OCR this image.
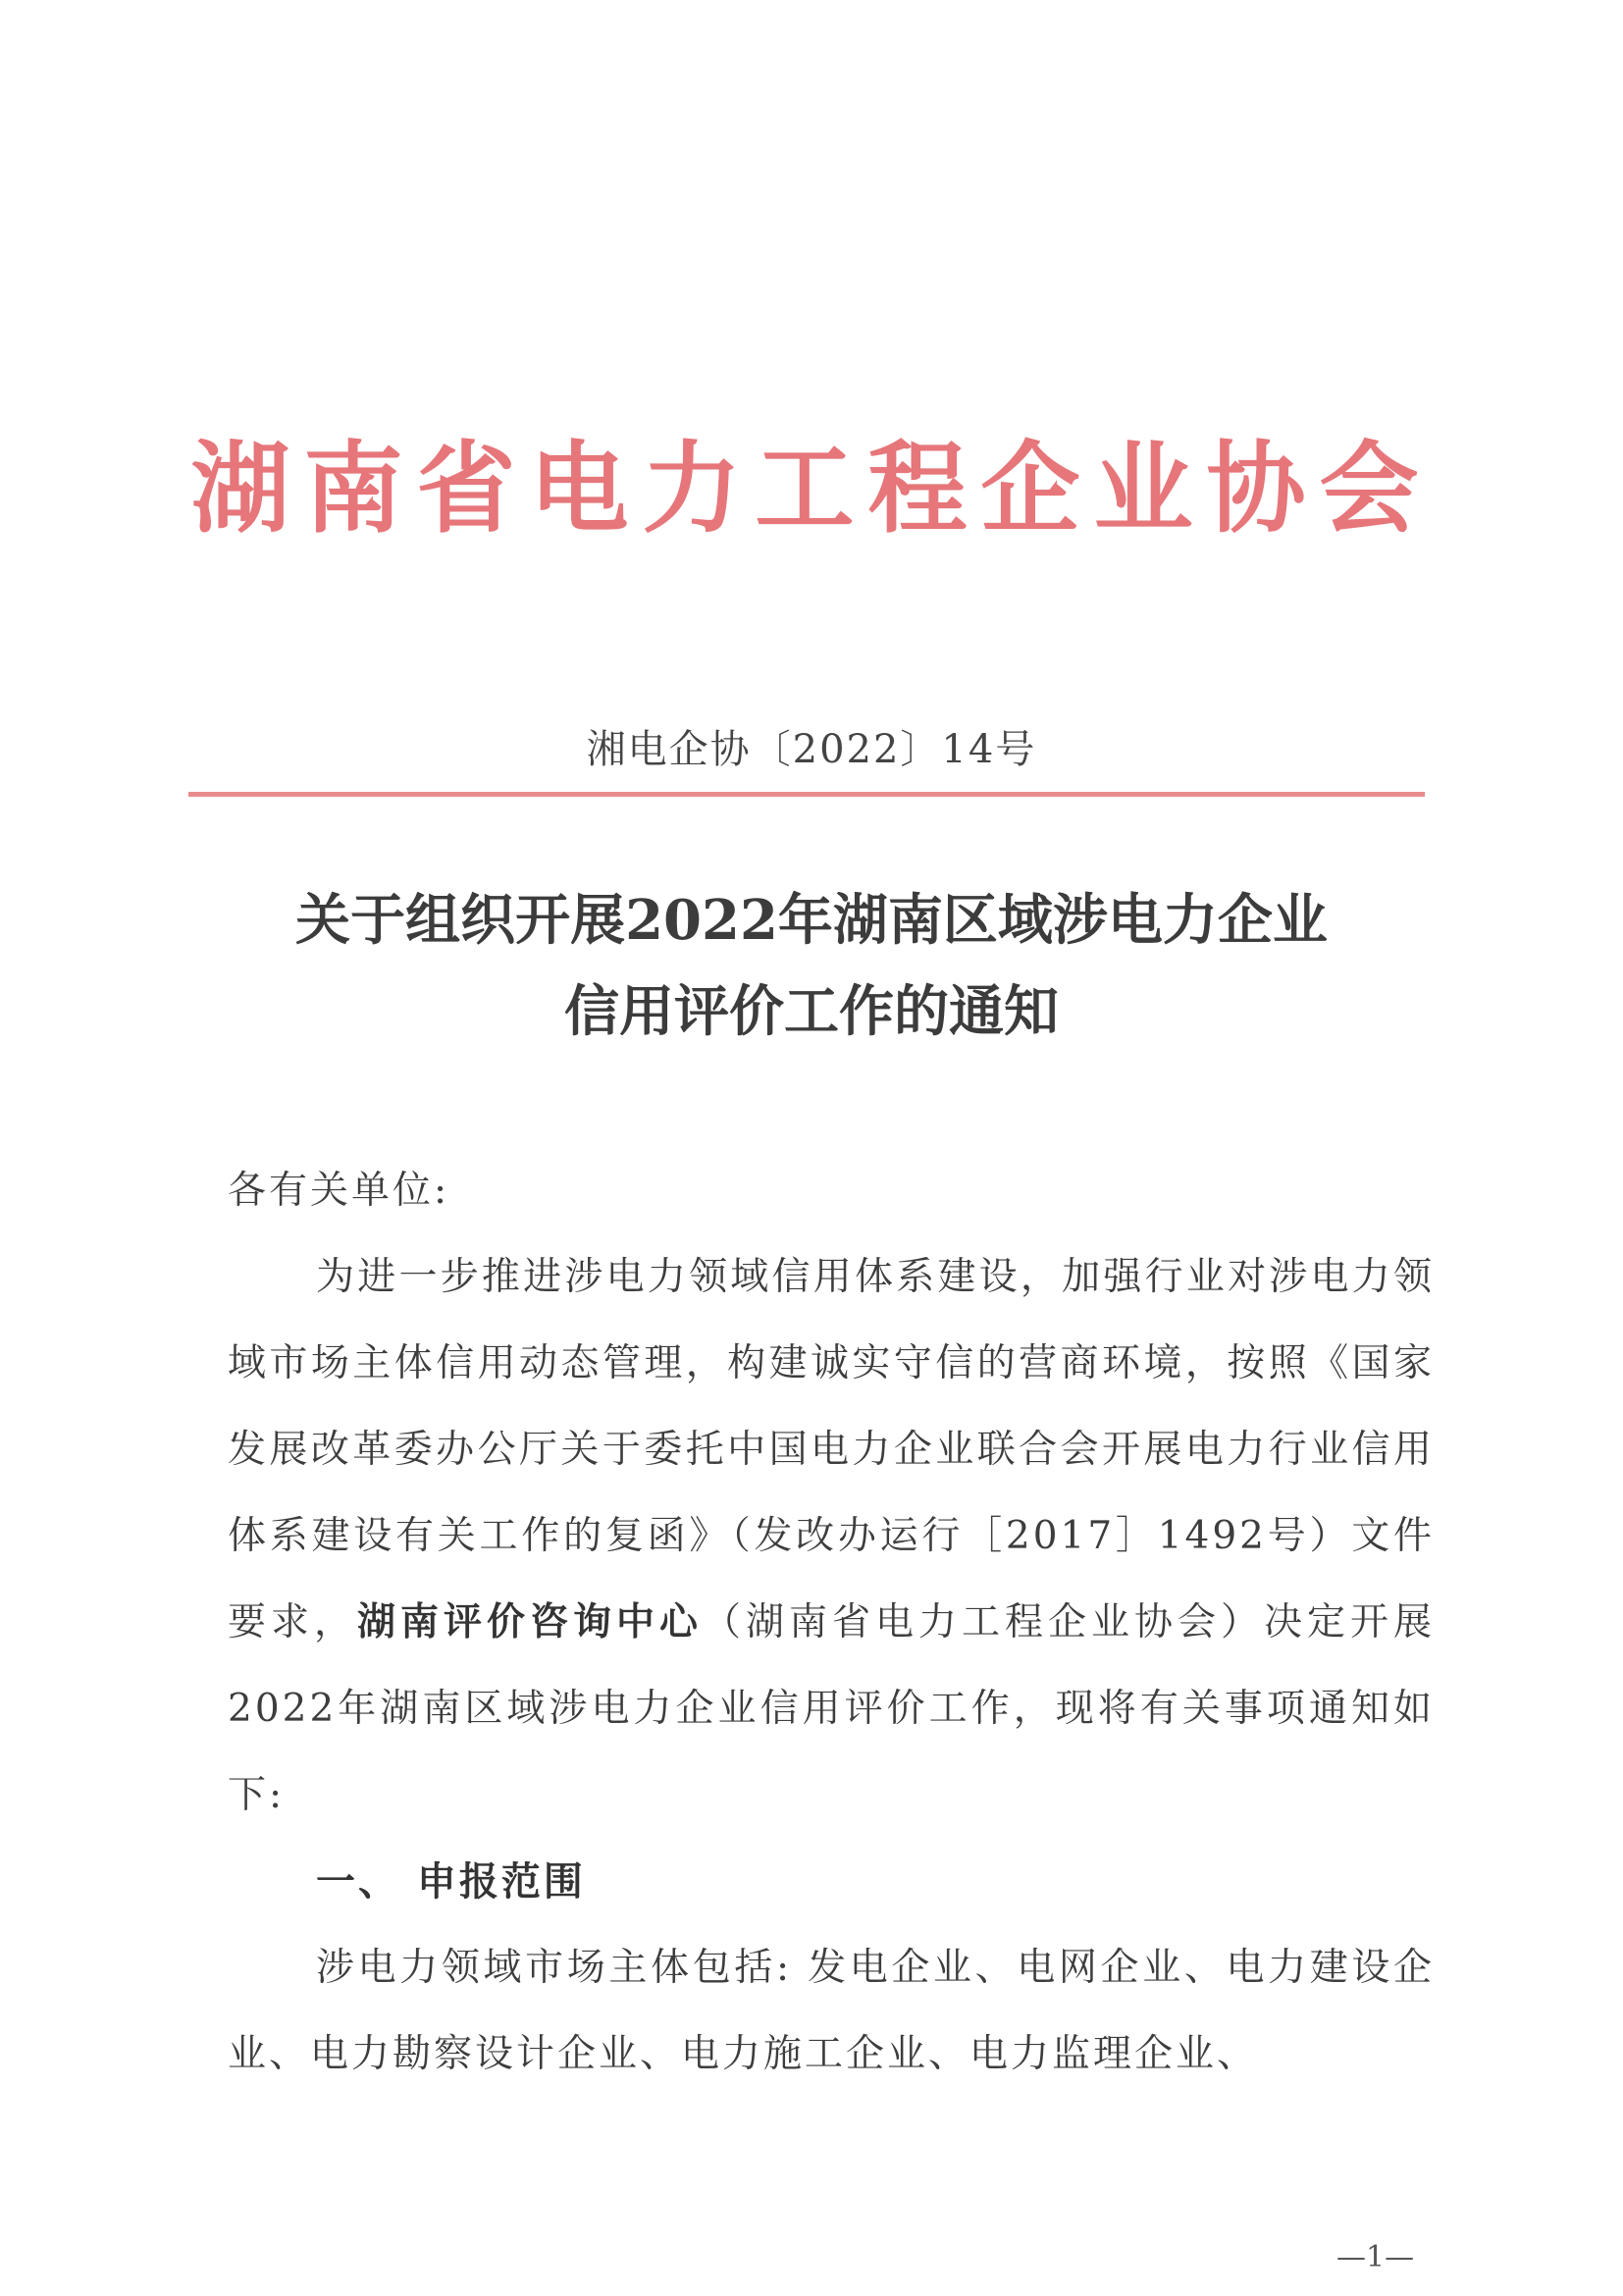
湖南省电力工程企业协会
湘电企协〔2022〕14号
关于组织开展2022年湖南区域涉电力企业
信用评价工作的通知

各有关单位:

为进一步推进涉电力领域信用体系建设，加强行业对涉电力领域市场主体信用动态管理，构建诚实守信的营商环境，按照《国家发展改革委办公厅关于委托中国电力企业联合会开展电力行业信用体系建设有关工作的复函》（发改办运行［2017］1492号）文件要求，湖南评价咨询中心（湖南省电力工程企业协会）决定开展2022年湖南区域涉电力企业信用评价工作，现将有关事项通知如下:

一、 申报范围

涉电力领域市场主体包括: 发电企业、电网企业、电力建设企业、电力勘察设计企业、电力施工企业、电力监理企业、

—1—
